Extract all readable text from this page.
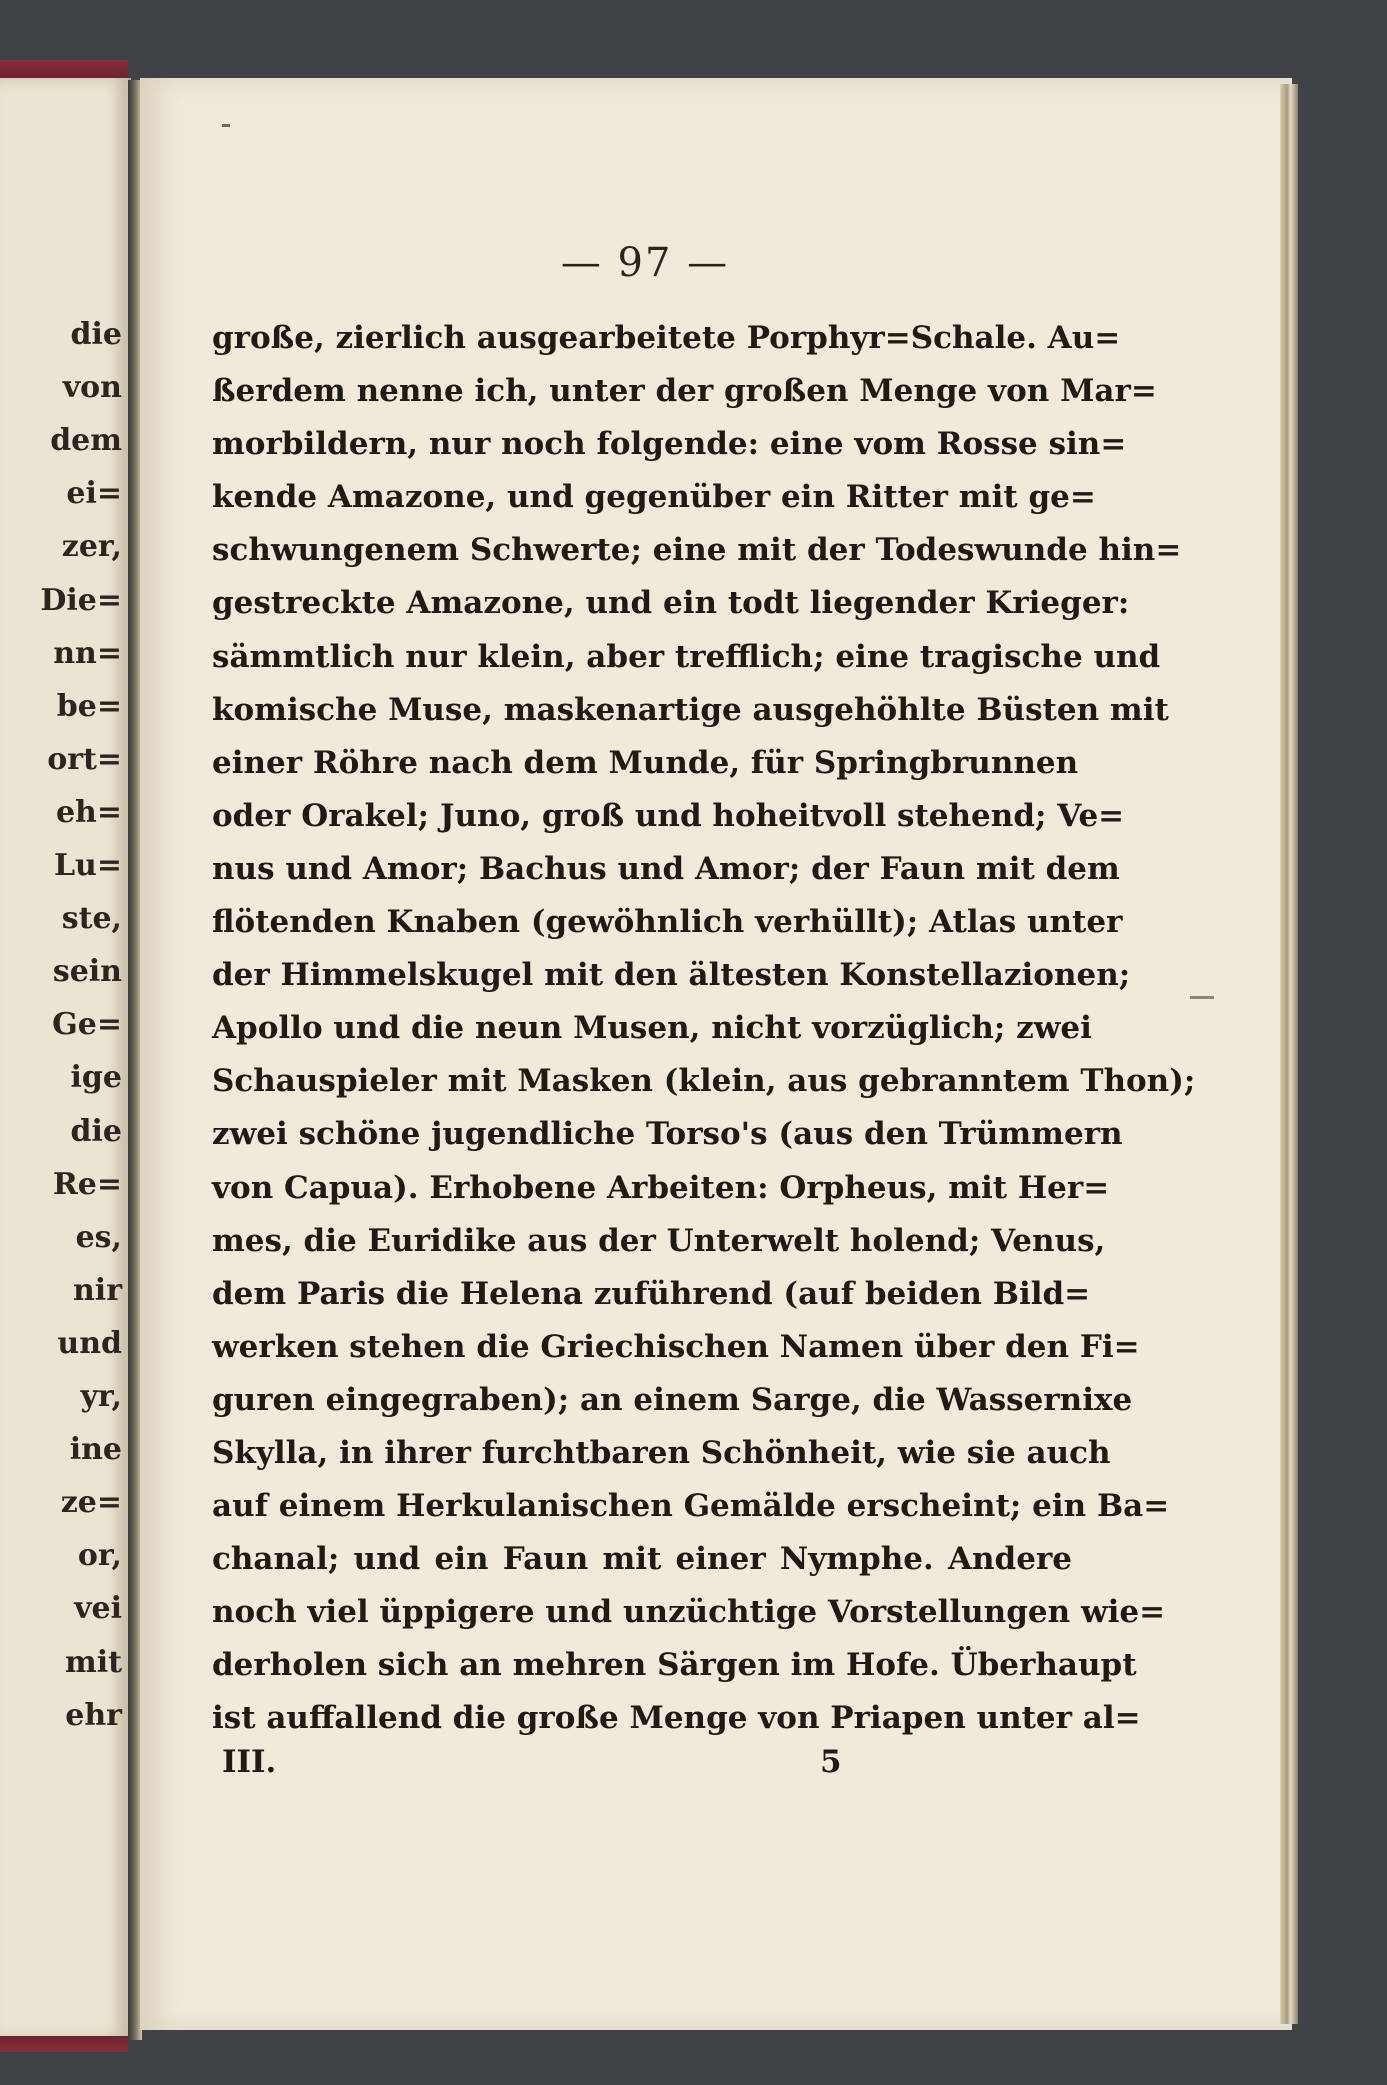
die
von
dem
ei=
zer,
Die=
nn=
be=
ort=
eh=
Lu=
ste,
sein
Ge=
ige
die
Re=
es,
nir
und
yr,
ine
ze=
or,
vei
mit
ehr
— 97 —
große, zierlich ausgearbeitete Porphyr=Schale. Au=
ßerdem nenne ich, unter der großen Menge von Mar=
morbildern, nur noch folgende: eine vom Rosse sin=
kende Amazone, und gegenüber ein Ritter mit ge=
schwungenem Schwerte; eine mit der Todeswunde hin=
gestreckte Amazone, und ein todt liegender Krieger:
sämmtlich nur klein, aber trefflich; eine tragische und
komische Muse, maskenartige ausgehöhlte Büsten mit
einer Röhre nach dem Munde, für Springbrunnen
oder Orakel; Juno, groß und hoheitvoll stehend; Ve=
nus und Amor; Bachus und Amor; der Faun mit dem
flötenden Knaben (gewöhnlich verhüllt); Atlas unter
der Himmelskugel mit den ältesten Konstellazionen;
Apollo und die neun Musen, nicht vorzüglich; zwei
Schauspieler mit Masken (klein, aus gebranntem Thon);
zwei schöne jugendliche Torso's (aus den Trümmern
von Capua). Erhobene Arbeiten: Orpheus, mit Her=
mes, die Euridike aus der Unterwelt holend; Venus,
dem Paris die Helena zuführend (auf beiden Bild=
werken stehen die Griechischen Namen über den Fi=
guren eingegraben); an einem Sarge, die Wassernixe
Skylla, in ihrer furchtbaren Schönheit, wie sie auch
auf einem Herkulanischen Gemälde erscheint; ein Ba=
chanal; und ein Faun mit einer Nymphe. Andere
noch viel üppigere und unzüchtige Vorstellungen wie=
derholen sich an mehren Särgen im Hofe. Überhaupt
ist auffallend die große Menge von Priapen unter al=
III.	5
